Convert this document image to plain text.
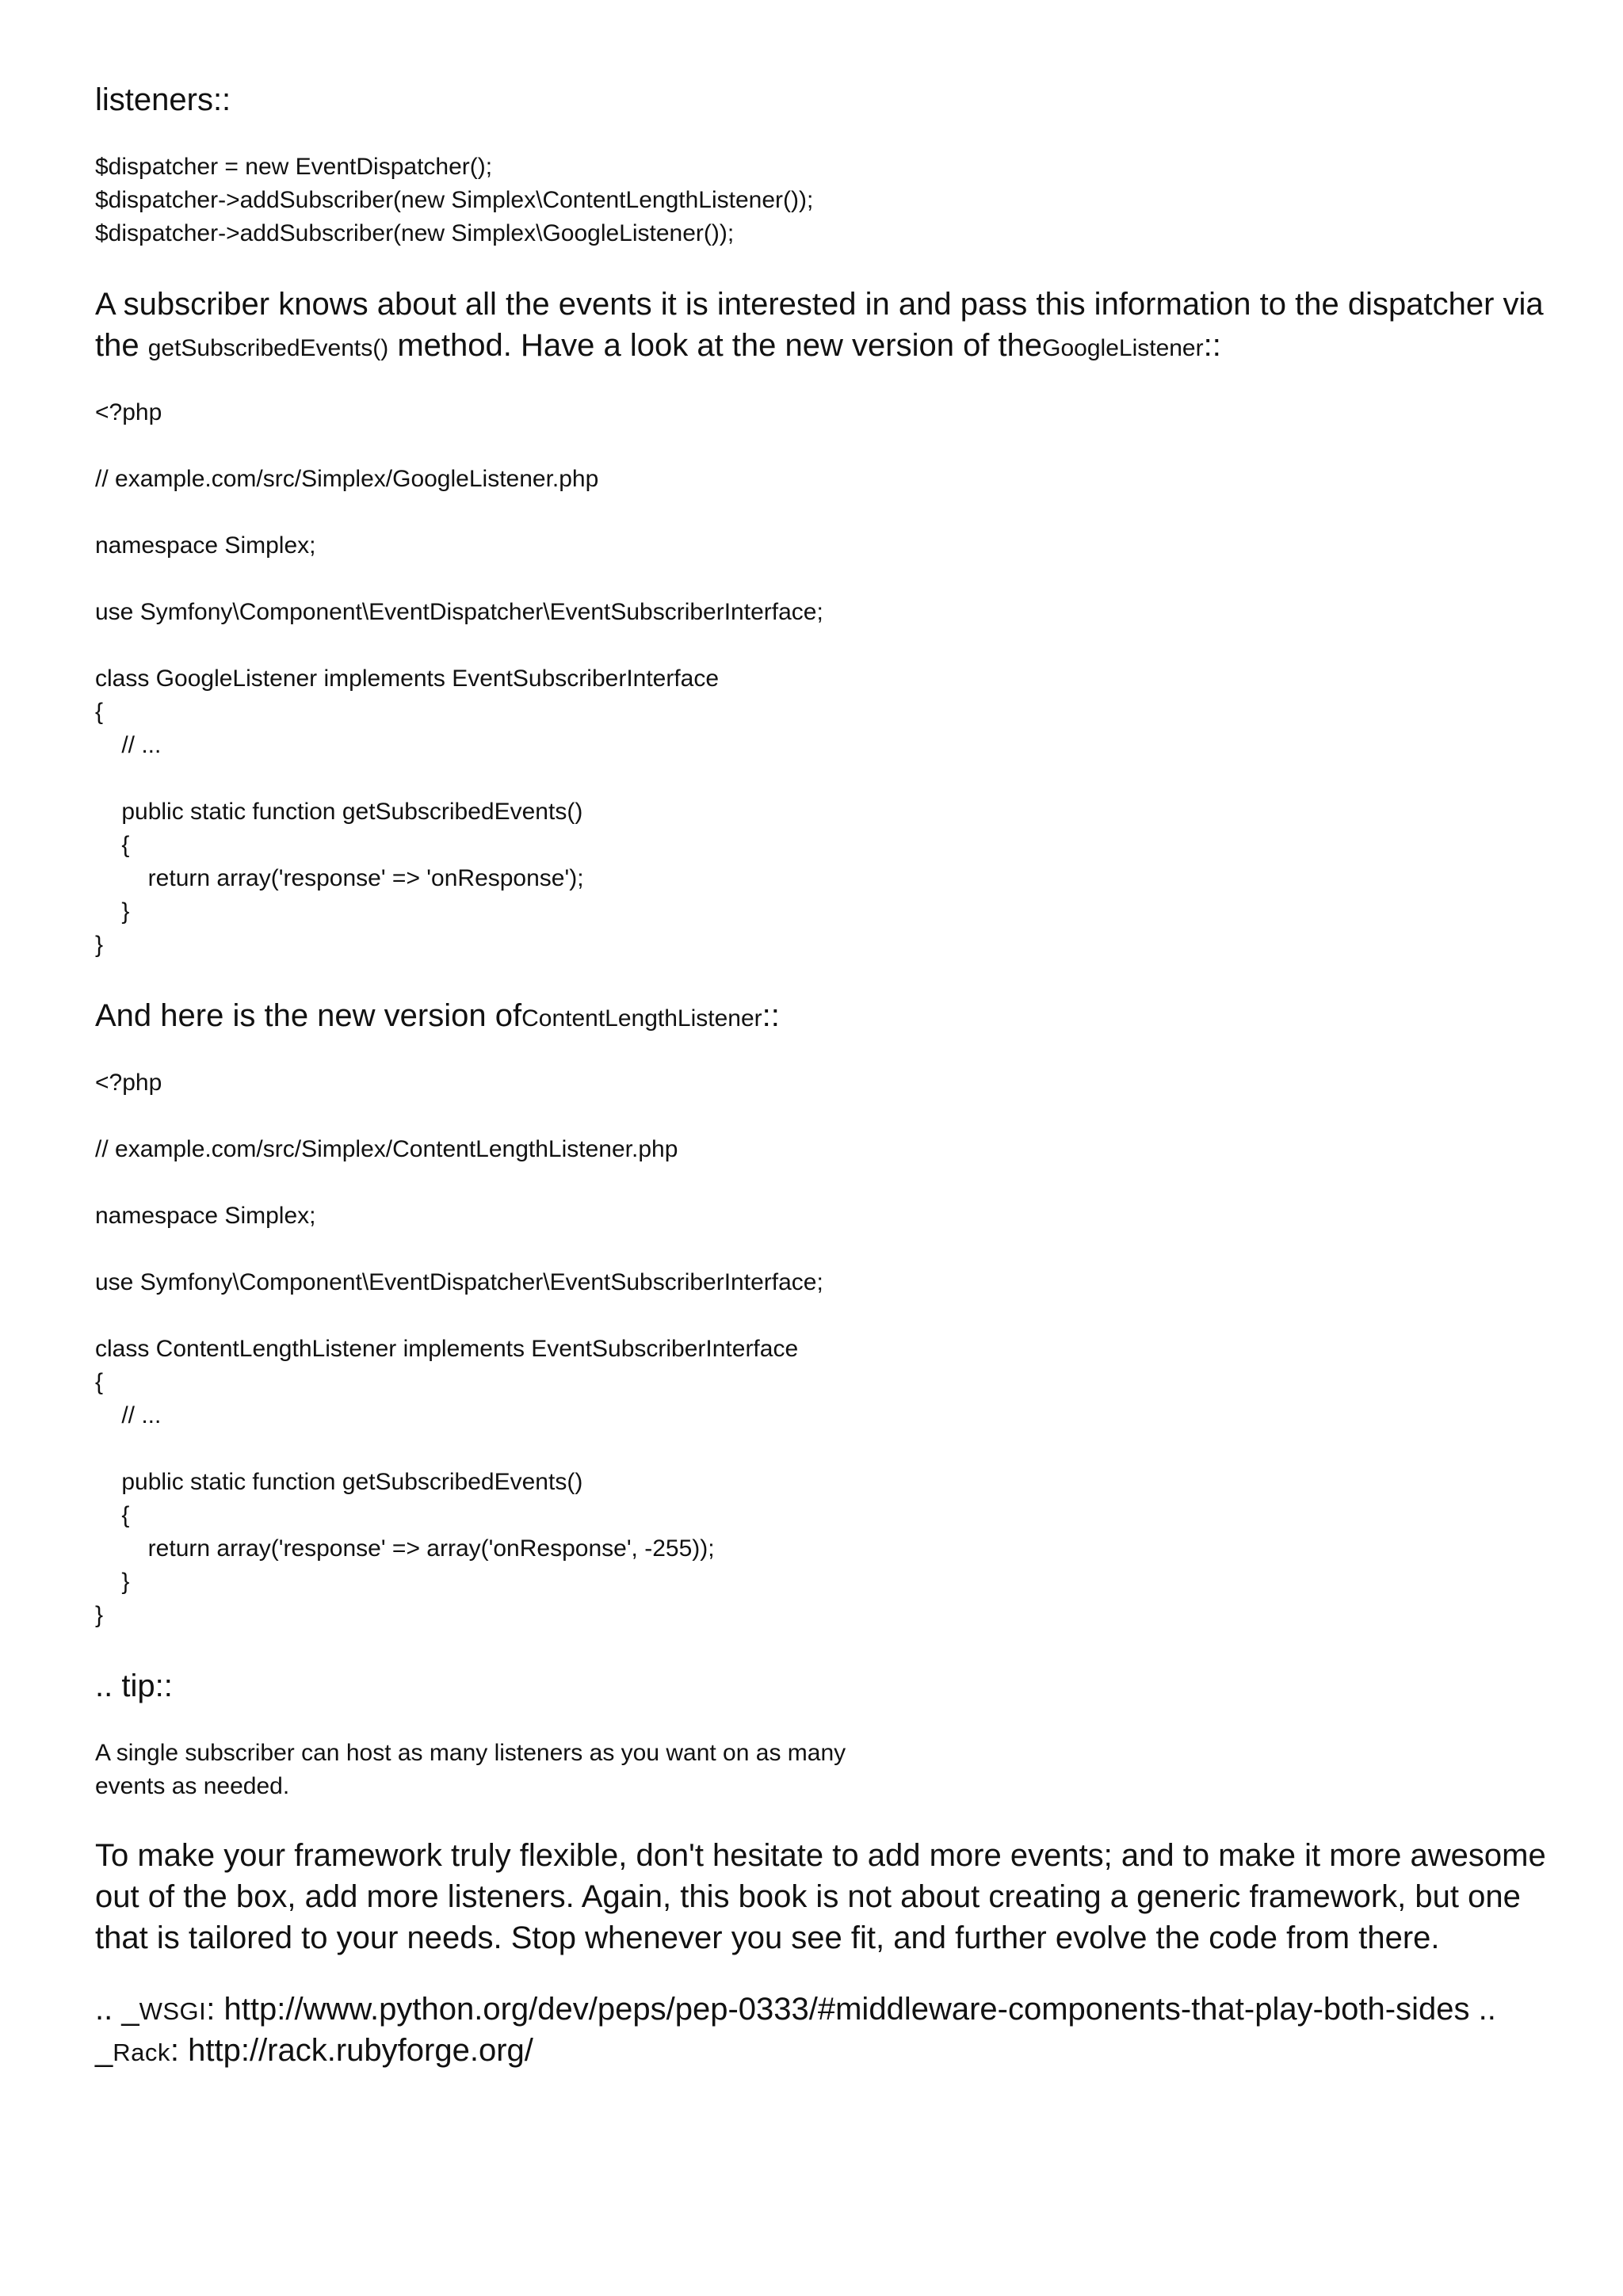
listeners::

$dispatcher = new EventDispatcher();

$dispatcher->addSubscriber(new Simplex\ContentLengthListener());

$dispatcher->addSubscriber(new Simplex\GoogleListener());

A subscriber knows about all the events it is interested in and pass this information to the dispatcher via

the getSubscribedEvents() method. Have a look at the new version of theGoogleListener::

<?php

// example.com/src/Simplex/GoogleListener.php

namespace Simplex;

use Symfony\Component\EventDispatcher\EventSubscriberInterface;

class GoogleListener implements EventSubscriberInterface

{

// ...

public static function getSubscribedEvents()

{

return array('response' => 'onResponse');

}

}

And here is the new version ofContentLengthListener::

<?php

// example.com/src/Simplex/ContentLengthListener.php

namespace Simplex;

use Symfony\Component\EventDispatcher\EventSubscriberInterface;

class ContentLengthListener implements EventSubscriberInterface

{

// ...

public static function getSubscribedEvents()

{

return array('response' => array('onResponse', -255));

}

}

.. tip::

A single subscriber can host as many listeners as you want on as many

events as needed.

To make your framework truly flexible, don't hesitate to add more events; and to make it more awesome

out of the box, add more listeners. Again, this book is not about creating a generic framework, but one

that is tailored to your needs. Stop whenever you see fit, and further evolve the code from there.

.. _WSGI: http://www.python.org/dev/peps/pep-0333/#middleware-components-that-play-both-sides ..

_Rack: http://rack.rubyforge.org/
